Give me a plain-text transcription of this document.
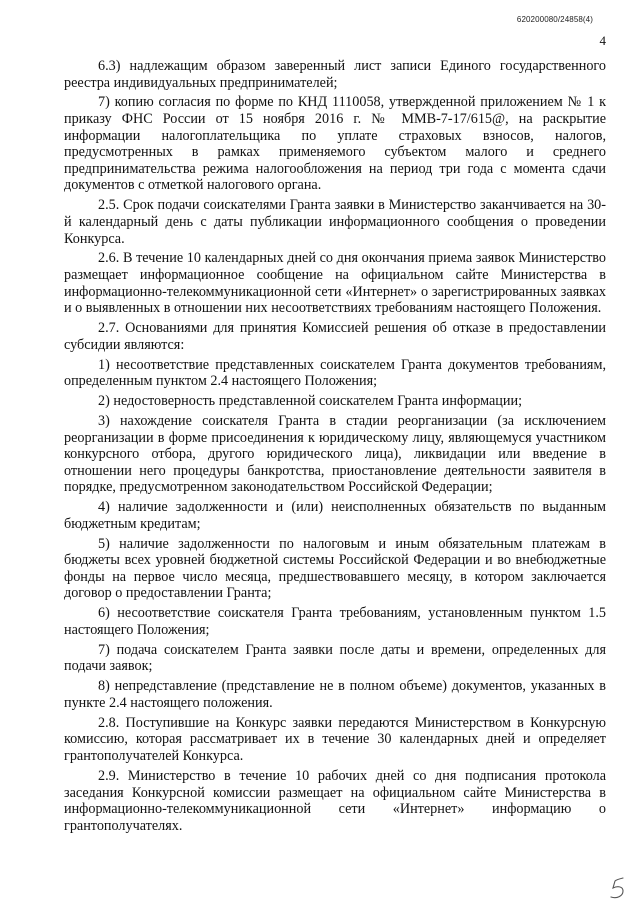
620200080/24858(4)
4

6.3) надлежащим образом заверенный лист записи Единого государственного реестра индивидуальных предпринимателей;

7) копию согласия по форме по КНД 1110058, утвержденной приложением № 1 к приказу ФНС России от 15 ноября 2016 г. № ММВ-7-17/615@, на раскрытие информации налогоплательщика по уплате страховых взносов, налогов, предусмотренных в рамках применяемого субъектом малого и среднего предпринимательства режима налогообложения на период три года с момента сдачи документов с отметкой налогового органа.

2.5. Срок подачи соискателями Гранта заявки в Министерство заканчивается на 30-й календарный день с даты публикации информационного сообщения о проведении Конкурса.

2.6. В течение 10 календарных дней со дня окончания приема заявок Министерство размещает информационное сообщение на официальном сайте Министерства в информационно-телекоммуникационной сети «Интернет» о зарегистрированных заявках и о выявленных в отношении них несоответствиях требованиям настоящего Положения.

2.7. Основаниями для принятия Комиссией решения об отказе в предоставлении субсидии являются:

1) несоответствие представленных соискателем Гранта документов требованиям, определенным пунктом 2.4 настоящего Положения;

2) недостоверность представленной соискателем Гранта информации;

3) нахождение соискателя Гранта в стадии реорганизации (за исключением реорганизации в форме присоединения к юридическому лицу, являющемуся участником конкурсного отбора, другого юридического лица), ликвидации или введение в отношении него процедуры банкротства, приостановление деятельности заявителя в порядке, предусмотренном законодательством Российской Федерации;

4) наличие задолженности и (или) неисполненных обязательств по выданным бюджетным кредитам;

5) наличие задолженности по налоговым и иным обязательным платежам в бюджеты всех уровней бюджетной системы Российской Федерации и во внебюджетные фонды на первое число месяца, предшествовавшего месяцу, в котором заключается договор о предоставлении Гранта;

6) несоответствие соискателя Гранта требованиям, установленным пунктом 1.5 настоящего Положения;

7) подача соискателем Гранта заявки после даты и времени, определенных для подачи заявок;

8) непредставление (представление не в полном объеме) документов, указанных в пункте 2.4 настоящего положения.

2.8. Поступившие на Конкурс заявки передаются Министерством в Конкурсную комиссию, которая рассматривает их в течение 30 календарных дней и определяет грантополучателей Конкурса.

2.9. Министерство в течение 10 рабочих дней со дня подписания протокола заседания Конкурсной комиссии размещает на официальном сайте Министерства в информационно-телекоммуникационной сети «Интернет» информацию о грантополучателях.
